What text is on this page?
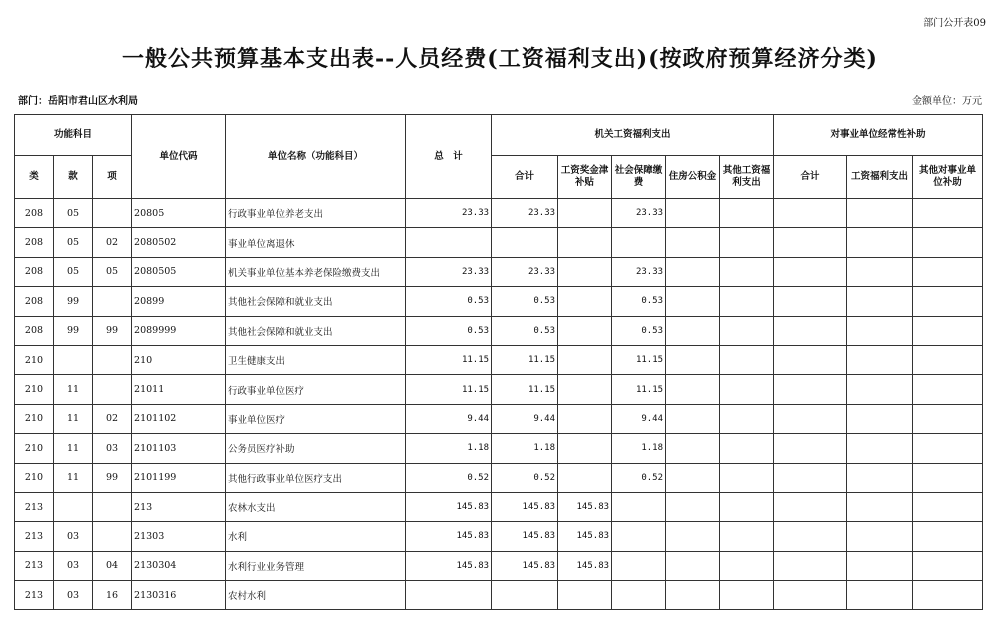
部门公开表09
一般公共预算基本支出表--人员经费(工资福利支出)(按政府预算经济分类)
部门：岳阳市君山区水利局	金额单位：万元
功能科目			单位代码	单位名称（功能科目）	总　计	机关工资福利支出					对事业单位经常性补助		
类	款	项				合计	工资奖金津补贴	社会保障缴费	住房公积金	其他工资福利支出	合计	工资福利支出	其他对事业单位补助
208	05		20805	行政事业单位养老支出	23.33	23.33		23.33					
208	05	02	2080502	事业单位离退休									
208	05	05	2080505	机关事业单位基本养老保险缴费支出	23.33	23.33		23.33					
208	99		20899	其他社会保障和就业支出	0.53	0.53		0.53					
208	99	99	2089999	其他社会保障和就业支出	0.53	0.53		0.53					
210			210	卫生健康支出	11.15	11.15		11.15					
210	11		21011	行政事业单位医疗	11.15	11.15		11.15					
210	11	02	2101102	事业单位医疗	9.44	9.44		9.44					
210	11	03	2101103	公务员医疗补助	1.18	1.18		1.18					
210	11	99	2101199	其他行政事业单位医疗支出	0.52	0.52		0.52					
213			213	农林水支出	145.83	145.83	145.83						
213	03		21303	水利	145.83	145.83	145.83						
213	03	04	2130304	水利行业业务管理	145.83	145.83	145.83						
213	03	16	2130316	农村水利									
